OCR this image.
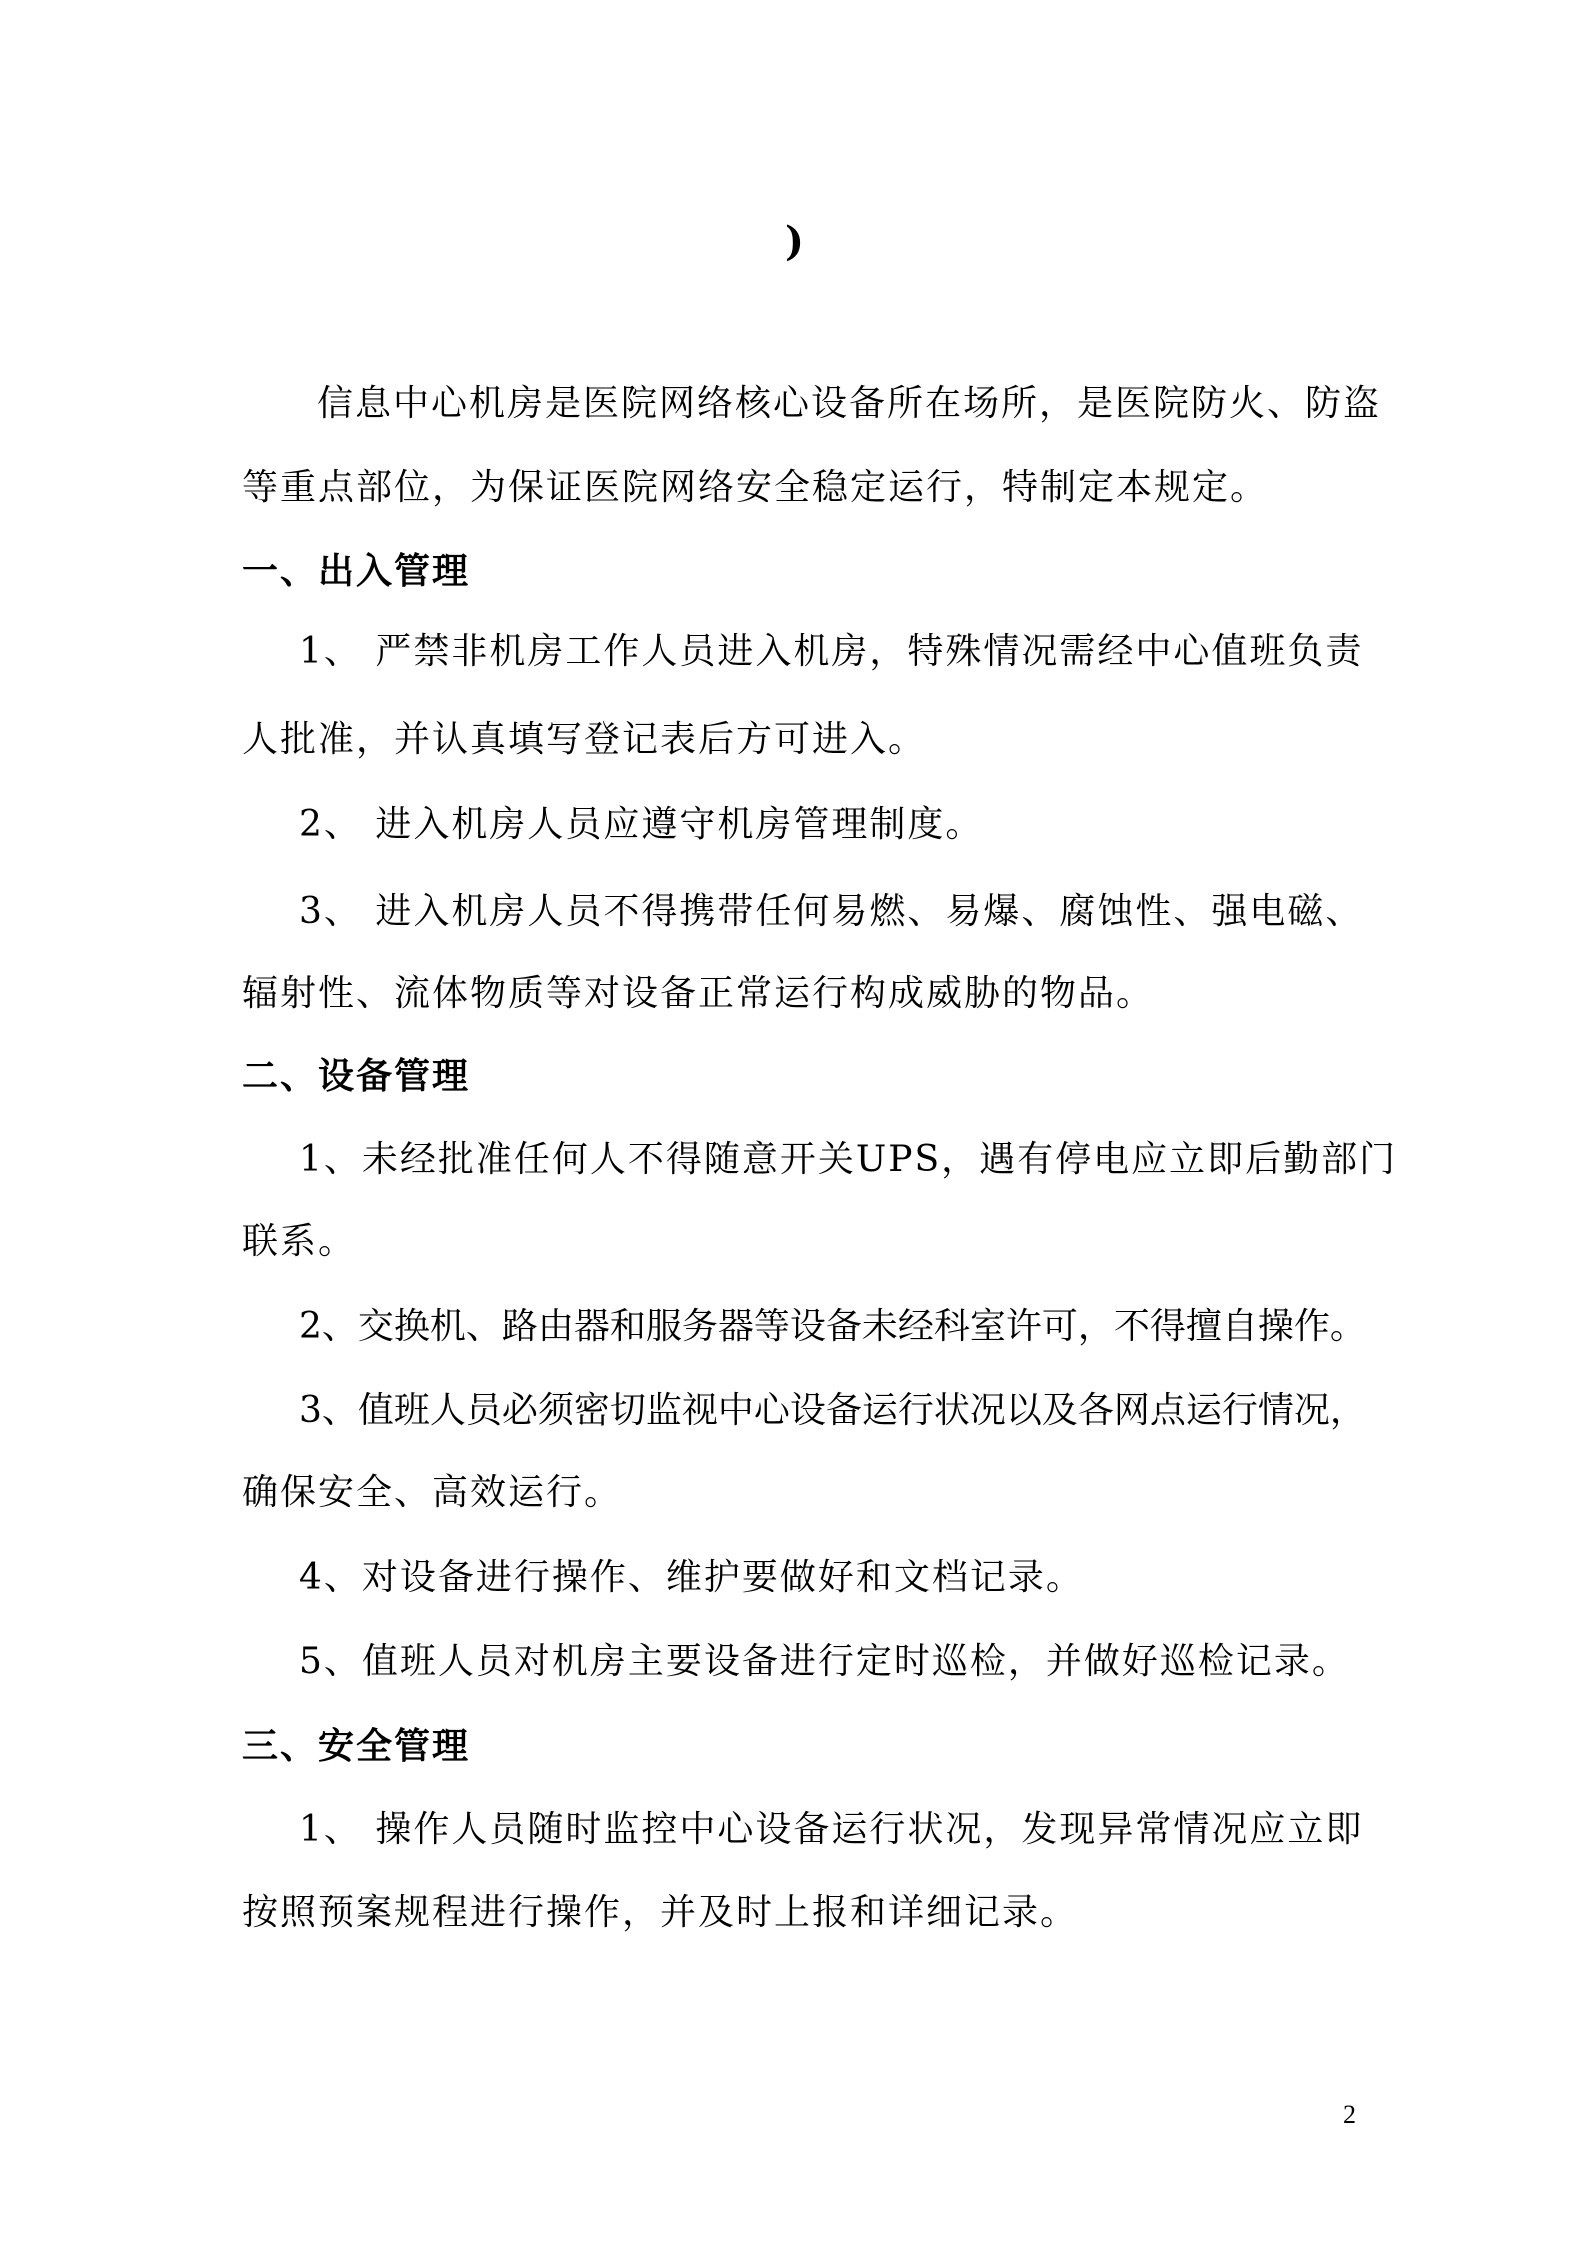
)
信息中心机房是医院网络核心设备所在场所，是医院防火、防盗
等重点部位，为保证医院网络安全稳定运行，特制定本规定。
一、出入管理
1、 严禁非机房工作人员进入机房，特殊情况需经中心值班负责
人批准，并认真填写登记表后方可进入。
2、 进入机房人员应遵守机房管理制度。
3、 进入机房人员不得携带任何易燃、易爆、腐蚀性、强电磁、
辐射性、流体物质等对设备正常运行构成威胁的物品。
二、设备管理
1、未经批准任何人不得随意开关UPS，遇有停电应立即后勤部门
联系。
2、交换机、路由器和服务器等设备未经科室许可，不得擅自操作。
3、值班人员必须密切监视中心设备运行状况以及各网点运行情况，
确保安全、高效运行。
4、对设备进行操作、维护要做好和文档记录。
5、值班人员对机房主要设备进行定时巡检，并做好巡检记录。
三、安全管理
1、 操作人员随时监控中心设备运行状况，发现异常情况应立即
按照预案规程进行操作，并及时上报和详细记录。
2
